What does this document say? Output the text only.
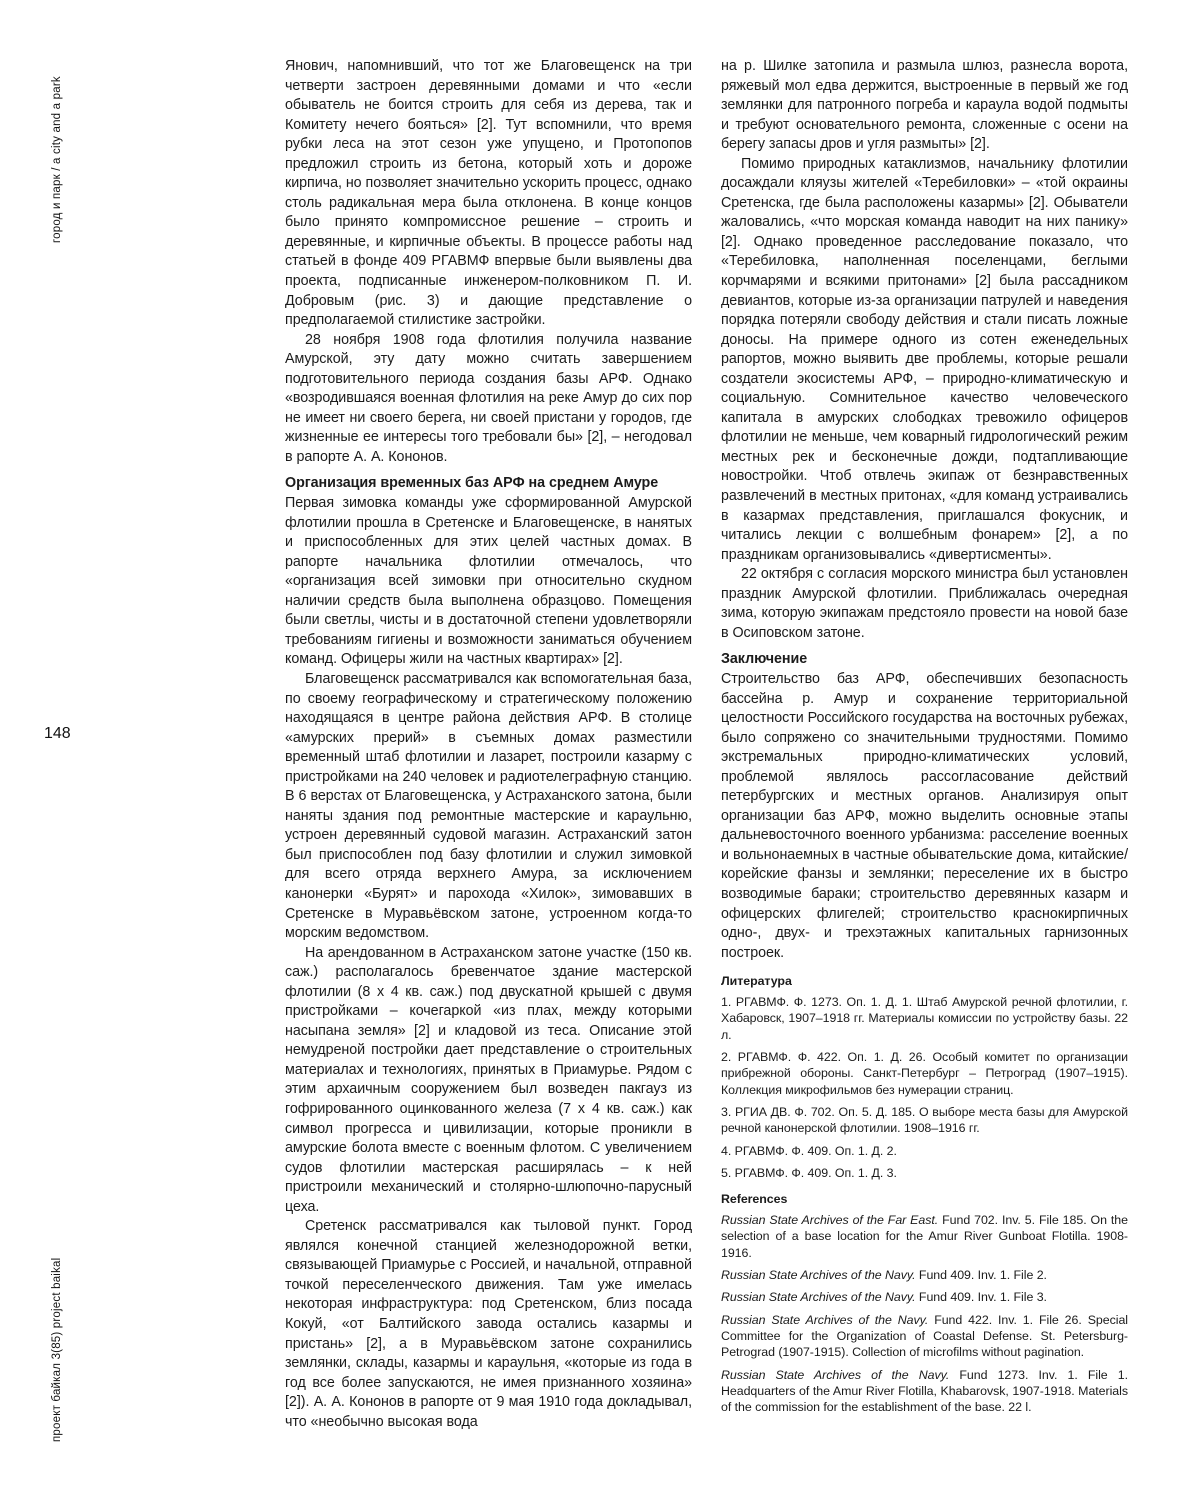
город и парк / a city and a park
148
проект байкал 3(85) project baikal

Янович, напомнивший, что тот же Благовещенск на три четверти застроен деревянными домами и что «если обыватель не боится строить для себя из дерева, так и Комитету нечего бояться» [2]. Тут вспомнили, что время рубки леса на этот сезон уже упущено, и Протопопов предложил строить из бетона, который хоть и дороже кирпича, но позволяет значительно ускорить процесс, однако столь радикальная мера была отклонена. В конце концов было принято компромиссное решение – строить и деревянные, и кирпичные объекты. В процессе работы над статьей в фонде 409 РГАВМФ впервые были выявлены два проекта, подписанные инженером-полковником П. И. Добровым (рис. 3) и дающие представление о предполагаемой стилистике застройки.

28 ноября 1908 года флотилия получила название Амурской, эту дату можно считать завершением подготовительного периода создания базы АРФ. Однако «возродившаяся военная флотилия на реке Амур до сих пор не имеет ни своего берега, ни своей пристани у городов, где жизненные ее интересы того требовали бы» [2], – негодовал в рапорте А. А. Кононов.

Организация временных баз АРФ на среднем Амуре

Первая зимовка команды уже сформированной Амурской флотилии прошла в Сретенске и Благовещенске, в нанятых и приспособленных для этих целей частных домах. В рапорте начальника флотилии отмечалось, что «организация всей зимовки при относительно скудном наличии средств была выполнена образцово. Помещения были светлы, чисты и в достаточной степени удовлетворяли требованиям гигиены и возможности заниматься обучением команд. Офицеры жили на частных квартирах» [2].

Благовещенск рассматривался как вспомогательная база, по своему географическому и стратегическому положению находящаяся в центре района действия АРФ. В столице «амурских прерий» в съемных домах разместили временный штаб флотилии и лазарет, построили казарму с пристройками на 240 человек и радиотелеграфную станцию. В 6 верстах от Благовещенска, у Астраханского затона, были наняты здания под ремонтные мастерские и караульню, устроен деревянный судовой магазин. Астраханский затон был приспособлен под базу флотилии и служил зимовкой для всего отряда верхнего Амура, за исключением канонерки «Бурят» и парохода «Хилок», зимовавших в Сретенске в Муравьёвском затоне, устроенном когда-то морским ведомством.

На арендованном в Астраханском затоне участке (150 кв. саж.) располагалось бревенчатое здание мастерской флотилии (8 х 4 кв. саж.) под двускатной крышей с двумя пристройками – кочегаркой «из плах, между которыми насыпана земля» [2] и кладовой из теса. Описание этой немудреной постройки дает представление о строительных материалах и технологиях, принятых в Приамурье. Рядом с этим архаичным сооружением был возведен пакгауз из гофрированного оцинкованного железа (7 х 4 кв. саж.) как символ прогресса и цивилизации, которые проникли в амурские болота вместе с военным флотом. С увеличением судов флотилии мастерская расширялась – к ней пристроили механический и столярно-шлюпочно-парусный цеха.

Сретенск рассматривался как тыловой пункт. Город являлся конечной станцией железнодорожной ветки, связывающей Приамурье с Россией, и начальной, отправной точкой переселенческого движения. Там уже имелась некоторая инфраструктура: под Сретенском, близ посада Кокуй, «от Балтийского завода остались казармы и пристань» [2], а в Муравьёвском затоне сохранились землянки, склады, казармы и караульня, «которые из года в год все более запускаются, не имея признанного хозяина» [2]). А. А. Кононов в рапорте от 9 мая 1910 года докладывал, что «необычно высокая вода

на р. Шилке затопила и размыла шлюз, разнесла ворота, ряжевый мол едва держится, выстроенные в первый же год землянки для патронного погреба и караула водой подмыты и требуют основательного ремонта, сложенные с осени на берегу запасы дров и угля размыты» [2].

Помимо природных катаклизмов, начальнику флотилии досаждали кляузы жителей «Теребиловки» – «той окраины Сретенска, где была расположены казармы» [2]. Обыватели жаловались, «что морская команда наводит на них панику» [2]. Однако проведенное расследование показало, что «Теребиловка, наполненная поселенцами, беглыми корчмарями и всякими притонами» [2] была рассадником девиантов, которые из-за организации патрулей и наведения порядка потеряли свободу действия и стали писать ложные доносы. На примере одного из сотен еженедельных рапортов, можно выявить две проблемы, которые решали создатели экосистемы АРФ, – природно-климатическую и социальную. Сомнительное качество человеческого капитала в амурских слободках тревожило офицеров флотилии не меньше, чем коварный гидрологический режим местных рек и бесконечные дожди, подтапливающие новостройки. Чтоб отвлечь экипаж от безнравственных развлечений в местных притонах, «для команд устраивались в казармах представления, приглашался фокусник, и читались лекции с волшебным фонарем» [2], а по праздникам организовывались «дивертисменты».

22 октября с согласия морского министра был установлен праздник Амурской флотилии. Приближалась очередная зима, которую экипажам предстояло провести на новой базе в Осиповском затоне.

Заключение

Строительство баз АРФ, обеспечивших безопасность бассейна р. Амур и сохранение территориальной целостности Российского государства на восточных рубежах, было сопряжено со значительными трудностями. Помимо экстремальных природно-климатических условий, проблемой являлось рассогласование действий петербургских и местных органов. Анализируя опыт организации баз АРФ, можно выделить основные этапы дальневосточного военного урбанизма: расселение военных и вольнонаемных в частные обывательские дома, китайские/корейские фанзы и землянки; переселение их в быстро возводимые бараки; строительство деревянных казарм и офицерских флигелей; строительство краснокирпичных одно-, двух- и трехэтажных капитальных гарнизонных построек.

Литература

1. РГАВМФ. Ф. 1273. Оп. 1. Д. 1. Штаб Амурской речной флотилии, г. Хабаровск, 1907–1918 гг. Материалы комиссии по устройству базы. 22 л.

2. РГАВМФ. Ф. 422. Оп. 1. Д. 26. Особый комитет по организации прибрежной обороны. Санкт-Петербург – Петроград (1907–1915). Коллекция микрофильмов без нумерации страниц.

3. РГИА ДВ. Ф. 702. Оп. 5. Д. 185. О выборе места базы для Амурской речной канонерской флотилии. 1908–1916 гг.

4. РГАВМФ. Ф. 409. Оп. 1. Д. 2.

5. РГАВМФ. Ф. 409. Оп. 1. Д. 3.

References

Russian State Archives of the Far East. Fund 702. Inv. 5. File 185. On the selection of a base location for the Amur River Gunboat Flotilla. 1908-1916.

Russian State Archives of the Navy. Fund 409. Inv. 1. File 2.

Russian State Archives of the Navy. Fund 409. Inv. 1. File 3.

Russian State Archives of the Navy. Fund 422. Inv. 1. File 26. Special Committee for the Organization of Coastal Defense. St. Petersburg-Petrograd (1907-1915). Collection of microfilms without pagination.

Russian State Archives of the Navy. Fund 1273. Inv. 1. File 1. Headquarters of the Amur River Flotilla, Khabarovsk, 1907-1918. Materials of the commission for the establishment of the base. 22 l.
